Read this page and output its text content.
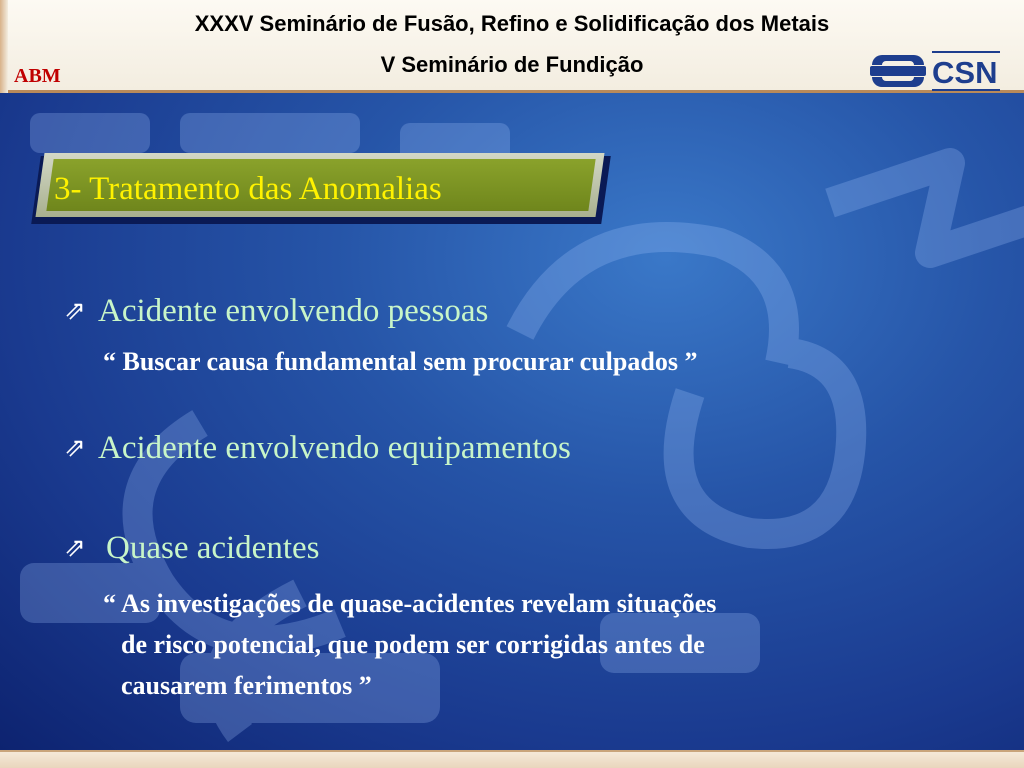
XXXV Seminário de Fusão, Refino e Solidificação dos Metais
V Seminário de Fundição
ABM	CSN
3- Tratamento das Anomalias
⇗ Acidente envolvendo pessoas
“ Buscar causa fundamental sem procurar culpados ”
⇗ Acidente envolvendo equipamentos
⇗ Quase acidentes
“ As investigações de quase-acidentes revelam situações
de risco potencial, que podem ser corrigidas antes de
causarem ferimentos ”
